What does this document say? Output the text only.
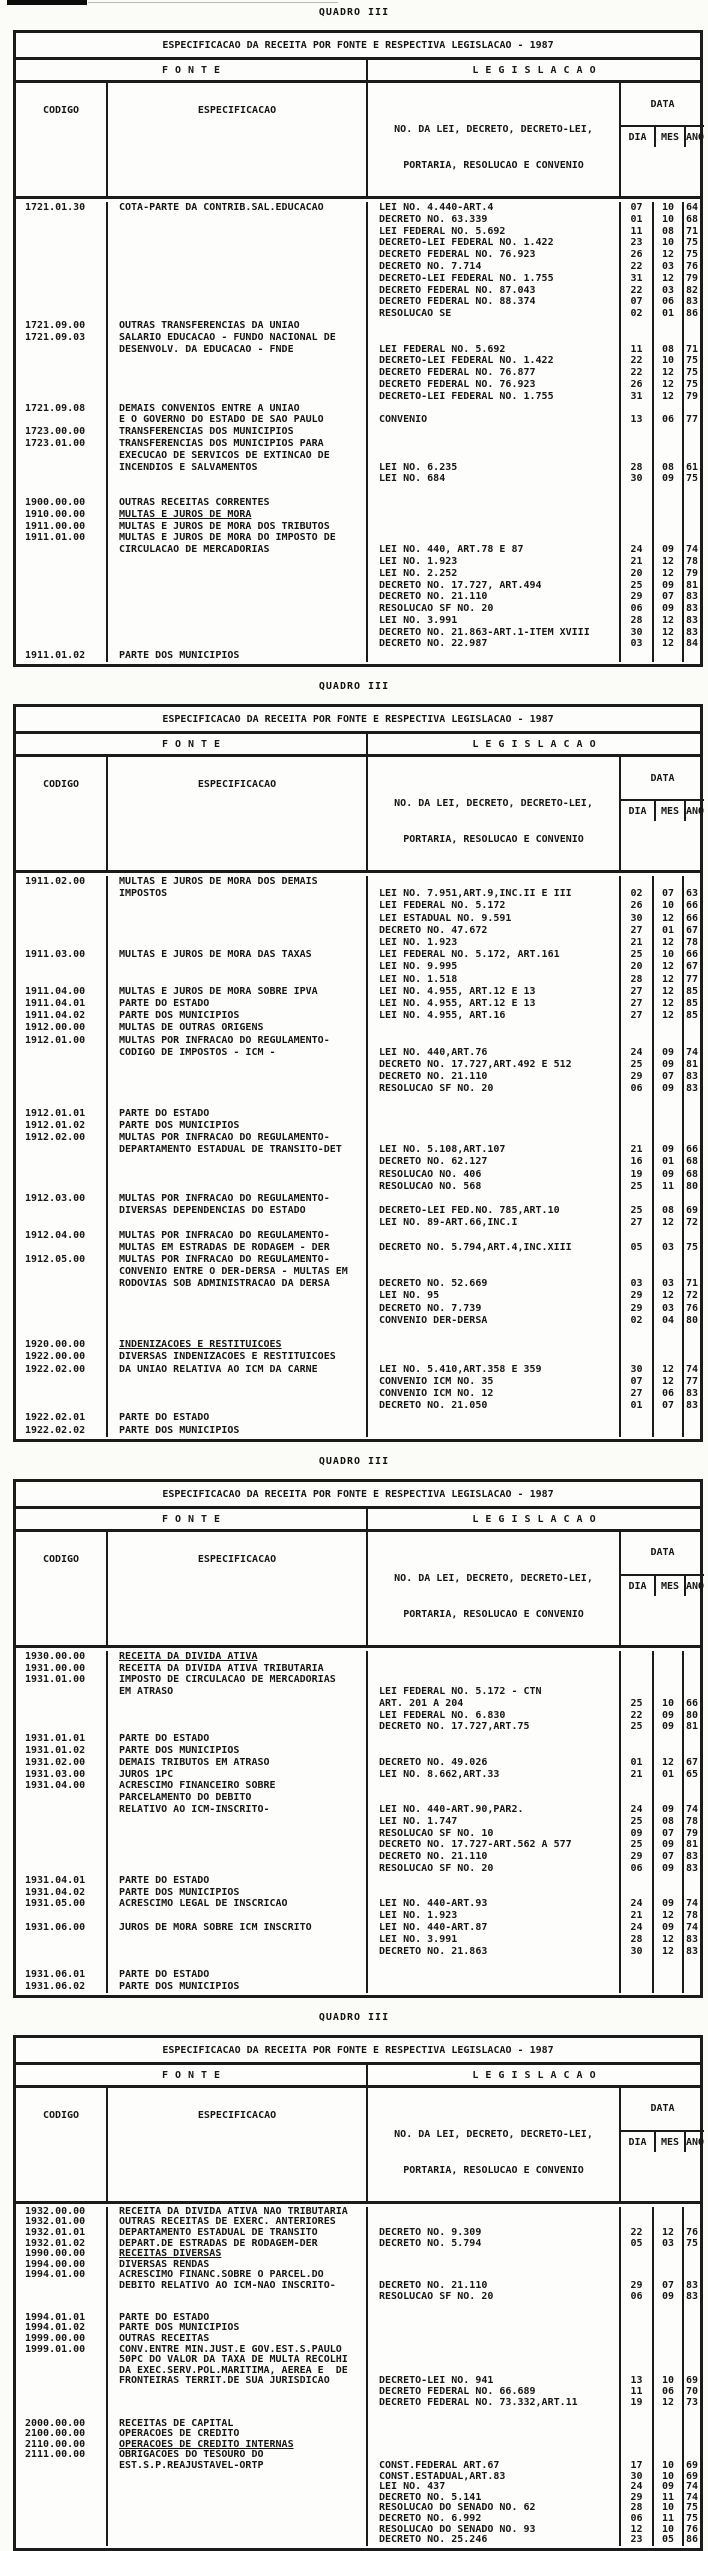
QUADRO III
ESPECIFICACAO DA RECEITA POR FONTE E RESPECTIVA LEGISLACAO - 1987
FONTE	LEGISLACAO
CODIGO	ESPECIFICACAO

NO. DA LEI, DECRETO, DECRETO-LEI,

PORTARIA, RESOLUCAO E CONVENIO

DATA
DIA	MES ANO
1721.01.30	COTA-PARTE DA CONTRIB.SAL.EDUCACAO	LEI NO. 4.440-ART.4	07	10	64
DECRETO NO. 63.339	01	10	68
LEI FEDERAL NO. 5.692	11	08	71
DECRETO-LEI FEDERAL NO. 1.422	23	10	75
DECRETO FEDERAL NO. 76.923	26	12	75
DECRETO NO. 7.714	22	03	76
DECRETO-LEI FEDERAL NO. 1.755	31	12	79
DECRETO FEDERAL NO. 87.043	22	03	82
DECRETO FEDERAL NO. 88.374	07	06	83
RESOLUCAO SE	02	01	86
1721.09.00	OUTRAS TRANSFERENCIAS DA UNIAO
1721.09.03	SALARIO EDUCACAO - FUNDO NACIONAL DE
DESENVOLV. DA EDUCACAO - FNDE	LEI FEDERAL NO. 5.692	11	08	71
DECRETO-LEI FEDERAL NO. 1.422	22	10	75
DECRETO FEDERAL NO. 76.877	22	12	75
DECRETO FEDERAL NO. 76.923	26	12	75
DECRETO-LEI FEDERAL NO. 1.755	31	12	79
1721.09.08	DEMAIS CONVENIOS ENTRE A UNIAO
E O GOVERNO DO ESTADO DE SAO PAULO	CONVENIO	13	06	77
1723.00.00	TRANSFERENCIAS DOS MUNICIPIOS
1723.01.00	TRANSFERENCIAS DOS MUNICIPIOS PARA
EXECUCAO DE SERVICOS DE EXTINCAO DE
INCENDIOS E SALVAMENTOS	LEI NO. 6.235	28	08	61
LEI NO. 684	30	09	75
1900.00.00	OUTRAS RECEITAS CORRENTES
1910.00.00	MULTAS E JUROS DE MORA
1911.00.00	MULTAS E JUROS DE MORA DOS TRIBUTOS
1911.01.00	MULTAS E JUROS DE MORA DO IMPOSTO DE
CIRCULACAO DE MERCADORIAS	LEI NO. 440, ART.78 E 87	24	09	74
LEI NO. 1.923	21	12	78
LEI NO. 2.252	20	12	79
DECRETO NO. 17.727, ART.494	25	09	81
DECRETO NO. 21.110	29	07	83
RESOLUCAO SF NO. 20	06	09	83
LEI NO. 3.991	28	12	83
DECRETO NO. 21.863-ART.1-ITEM XVIII	30	12	83
DECRETO NO. 22.987	03	12	84
1911.01.02	PARTE DOS MUNICIPIOS
QUADRO III
ESPECIFICACAO DA RECEITA POR FONTE E RESPECTIVA LEGISLACAO - 1987
FONTE	LEGISLACAO
CODIGO	ESPECIFICACAO

NO. DA LEI, DECRETO, DECRETO-LEI,

PORTARIA, RESOLUCAO E CONVENIO

DATA
DIA	MES ANO
1911.02.00	MULTAS E JUROS DE MORA DOS DEMAIS
IMPOSTOS	LEI NO. 7.951,ART.9,INC.II E III	02	07	63
LEI FEDERAL NO. 5.172	26	10	66
LEI ESTADUAL NO. 9.591	30	12	66
DECRETO NO. 47.672	27	01	67
LEI NO. 1.923	21	12	78
1911.03.00	MULTAS E JUROS DE MORA DAS TAXAS	LEI FEDERAL NO. 5.172, ART.161	25	10	66
LEI NO. 9.995	20	12	67
LEI NO. 1.518	28	12	77
1911.04.00	MULTAS E JUROS DE MORA SOBRE IPVA	LEI NO. 4.955, ART.12 E 13	27	12	85
1911.04.01	PARTE DO ESTADO	LEI NO. 4.955, ART.12 E 13	27	12	85
1911.04.02	PARTE DOS MUNICIPIOS	LEI NO. 4.955, ART.16	27	12	85
1912.00.00	MULTAS DE OUTRAS ORIGENS
1912.01.00	MULTAS POR INFRACAO DO REGULAMENTO-
CODIGO DE IMPOSTOS - ICM -	LEI NO. 440,ART.76	24	09	74
DECRETO NO. 17.727,ART.492 E 512	25	09	81
DECRETO NO. 21.110	29	07	83
RESOLUCAO SF NO. 20	06	09	83
1912.01.01	PARTE DO ESTADO
1912.01.02	PARTE DOS MUNICIPIOS
1912.02.00	MULTAS POR INFRACAO DO REGULAMENTO-
DEPARTAMENTO ESTADUAL DE TRANSITO-DET	LEI NO. 5.108,ART.107	21	09	66
DECRETO NO. 62.127	16	01	68
RESOLUCAO NO. 406	19	09	68
RESOLUCAO NO. 568	25	11	80
1912.03.00	MULTAS POR INFRACAO DO REGULAMENTO-
DIVERSAS DEPENDENCIAS DO ESTADO	DECRETO-LEI FED.NO. 785,ART.10	25	08	69
LEI NO. 89-ART.66,INC.I	27	12	72
1912.04.00	MULTAS POR INFRACAO DO REGULAMENTO-
MULTAS EM ESTRADAS DE RODAGEM - DER	DECRETO NO. 5.794,ART.4,INC.XIII	05	03	75
1912.05.00	MULTAS POR INFRACAO DO REGULAMENTO-
CONVENIO ENTRE O DER-DERSA - MULTAS EM
RODOVIAS SOB ADMINISTRACAO DA DERSA	DECRETO NO. 52.669	03	03	71
LEI NO. 95	29	12	72
DECRETO NO. 7.739	29	03	76
CONVENIO DER-DERSA	02	04	80
1920.00.00	INDENIZACOES E RESTITUICOES
1922.00.00	DIVERSAS INDENIZACOES E RESTITUICOES
1922.02.00	DA UNIAO RELATIVA AO ICM DA CARNE	LEI NO. 5.410,ART.358 E 359	30	12	74
CONVENIO ICM NO. 35	07	12	77
CONVENIO ICM NO. 12	27	06	83
DECRETO NO. 21.050	01	07	83
1922.02.01	PARTE DO ESTADO
1922.02.02	PARTE DOS MUNICIPIOS
QUADRO III
ESPECIFICACAO DA RECEITA POR FONTE E RESPECTIVA LEGISLACAO - 1987
FONTE	LEGISLACAO
CODIGO	ESPECIFICACAO

NO. DA LEI, DECRETO, DECRETO-LEI,

PORTARIA, RESOLUCAO E CONVENIO

DATA
DIA	MES ANO
1930.00.00	RECEITA DA DIVIDA ATIVA
1931.00.00	RECEITA DA DIVIDA ATIVA TRIBUTARIA
1931.01.00	IMPOSTO DE CIRCULACAO DE MERCADORIAS
EM ATRASO	LEI FEDERAL NO. 5.172 - CTN
ART. 201 A 204	25	10	66
LEI FEDERAL NO. 6.830	22	09	80
DECRETO NO. 17.727,ART.75	25	09	81
1931.01.01	PARTE DO ESTADO
1931.01.02	PARTE DOS MUNICIPIOS
1931.02.00	DEMAIS TRIBUTOS EM ATRASO	DECRETO NO. 49.026	01	12	67
1931.03.00	JUROS 1PC	LEI NO. 8.662,ART.33	21	01	65
1931.04.00	ACRESCIMO FINANCEIRO SOBRE
PARCELAMENTO DO DEBITO
RELATIVO AO ICM-INSCRITO-	LEI NO. 440-ART.90,PAR2.	24	09	74
LEI NO. 1.747	25	08	78
RESOLUCAO SF NO. 10	09	07	79
DECRETO NO. 17.727-ART.562 A 577	25	09	81
DECRETO NO. 21.110	29	07	83
RESOLUCAO SF NO. 20	06	09	83
1931.04.01	PARTE DO ESTADO
1931.04.02	PARTE DOS MUNICIPIOS
1931.05.00	ACRESCIMO LEGAL DE INSCRICAO	LEI NO. 440-ART.93	24	09	74
LEI NO. 1.923	21	12	78
1931.06.00	JUROS DE MORA SOBRE ICM INSCRITO	LEI NO. 440-ART.87	24	09	74
LEI NO. 3.991	28	12	83
DECRETO NO. 21.863	30	12	83
1931.06.01	PARTE DO ESTADO
1931.06.02	PARTE DOS MUNICIPIOS
QUADRO III
ESPECIFICACAO DA RECEITA POR FONTE E RESPECTIVA LEGISLACAO - 1987
FONTE	LEGISLACAO
CODIGO	ESPECIFICACAO

NO. DA LEI, DECRETO, DECRETO-LEI,

PORTARIA, RESOLUCAO E CONVENIO

DATA
DIA	MES ANO
1932.00.00	RECEITA DA DIVIDA ATIVA NAO TRIBUTARIA
1932.01.00	OUTRAS RECEITAS DE EXERC. ANTERIORES
1932.01.01	DEPARTAMENTO ESTADUAL DE TRANSITO	DECRETO NO. 9.309	22	12	76
1932.01.02	DEPART.DE ESTRADAS DE RODAGEM-DER	DECRETO NO. 5.794	05	03	75
1990.00.00	RECEITAS DIVERSAS
1994.00.00	DIVERSAS RENDAS
1994.01.00	ACRESCIMO FINANC.SOBRE O PARCEL.DO
DEBITO RELATIVO AO ICM-NAO INSCRITO-	DECRETO NO. 21.110	29	07	83
RESOLUCAO SF NO. 20	06	09	83
1994.01.01	PARTE DO ESTADO
1994.01.02	PARTE DOS MUNICIPIOS
1999.00.00	OUTRAS RECEITAS
1999.01.00	CONV.ENTRE MIN.JUST.E GOV.EST.S.PAULO
50PC DO VALOR DA TAXA DE MULTA RECOLHI
DA EXEC.SERV.POL.MARITIMA, AEREA E  DE
FRONTEIRAS TERRIT.DE SUA JURISDICAO	DECRETO-LEI NO. 941	13	10	69
DECRETO FEDERAL NO. 66.689	11	06	70
DECRETO FEDERAL NO. 73.332,ART.11	19	12	73
2000.00.00	RECEITAS DE CAPITAL
2100.00.00	OPERACOES DE CREDITO
2110.00.00	OPERACOES DE CREDITO INTERNAS
2111.00.00	OBRIGACOES DO TESOURO DO
EST.S.P.REAJUSTAVEL-ORTP	CONST.FEDERAL ART.67	17	10	69
CONST.ESTADUAL,ART.83	30	10	69
LEI NO. 437	24	09	74
DECRETO NO. 5.141	29	11	74
RESOLUCAO DO SENADO NO. 62	28	10	75
DECRETO NO. 6.992	06	11	75
RESOLUCAO DO SENADO NO. 93	12	10	76
DECRETO NO. 25.246	23	05	86
